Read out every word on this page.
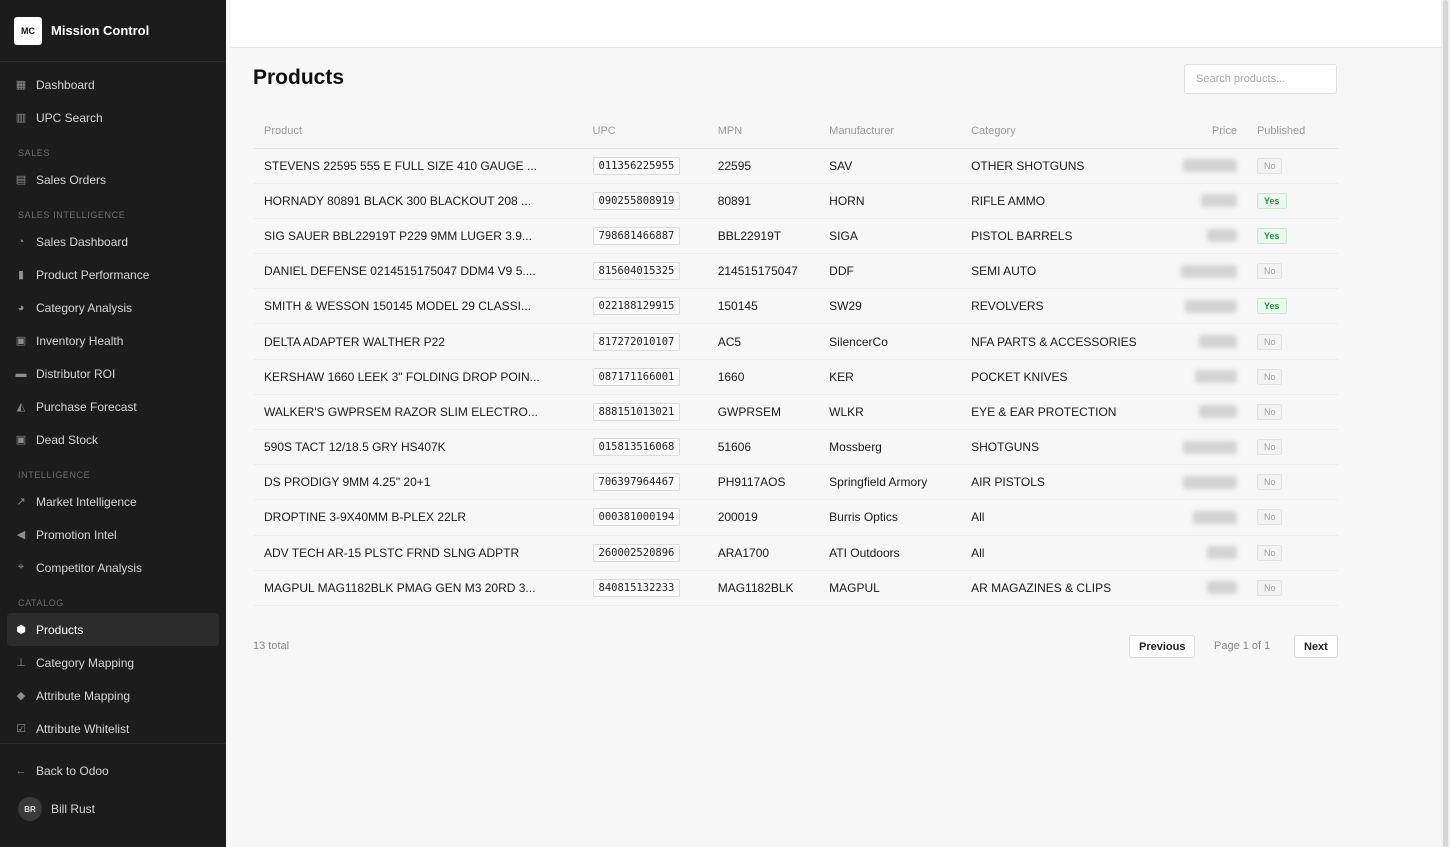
MC	Mission Control
▦ Dashboard
▥ UPC Search
SALES
▤ Sales Orders
SALES INTELLIGENCE
◔ Sales Dashboard
▮ Product Performance
◕ Category Analysis
▣ Inventory Health
▬ Distributor ROI
◭ Purchase Forecast
▣ Dead Stock
INTELLIGENCE
↗ Market Intelligence
◀ Promotion Intel
⌖ Competitor Analysis
CATALOG
⬢ Products
⊥ Category Mapping
◆ Attribute Mapping
☑ Attribute Whitelist
← Back to Odoo
BR	Bill Rust
Products
Search products...
Product	UPC	MPN	Manufacturer	Category	Price	Published
STEVENS 22595 555 E FULL SIZE 410 GAUGE ...	011356225955	22595	SAV	OTHER SHOTGUNS		No
HORNADY 80891 BLACK 300 BLACKOUT 208 ...	090255808919	80891	HORN	RIFLE AMMO		Yes
SIG SAUER BBL22919T P229 9MM LUGER 3.9...	798681466887	BBL22919T	SIGA	PISTOL BARRELS		Yes
DANIEL DEFENSE 0214515175047 DDM4 V9 5....	815604015325	214515175047	DDF	SEMI AUTO		No
SMITH & WESSON 150145 MODEL 29 CLASSI...	022188129915	150145	SW29	REVOLVERS		Yes
DELTA ADAPTER WALTHER P22	817272010107	AC5	SilencerCo	NFA PARTS & ACCESSORIES		No
KERSHAW 1660 LEEK 3" FOLDING DROP POIN...	087171166001	1660	KER	POCKET KNIVES		No
WALKER'S GWPRSEM RAZOR SLIM ELECTRO...	888151013021	GWPRSEM	WLKR	EYE & EAR PROTECTION		No
590S TACT 12/18.5 GRY HS407K	015813516068	51606	Mossberg	SHOTGUNS		No
DS PRODIGY 9MM 4.25" 20+1	706397964467	PH9117AOS	Springfield Armory	AIR PISTOLS		No
DROPTINE 3-9X40MM B-PLEX 22LR	000381000194	200019	Burris Optics	All		No
ADV TECH AR-15 PLSTC FRND SLNG ADPTR	260002520896	ARA1700	ATI Outdoors	All		No
MAGPUL MAG1182BLK PMAG GEN M3 20RD 3...	840815132233	MAG1182BLK	MAGPUL	AR MAGAZINES & CLIPS		No
13 total	Previous	Page 1 of 1	Next
